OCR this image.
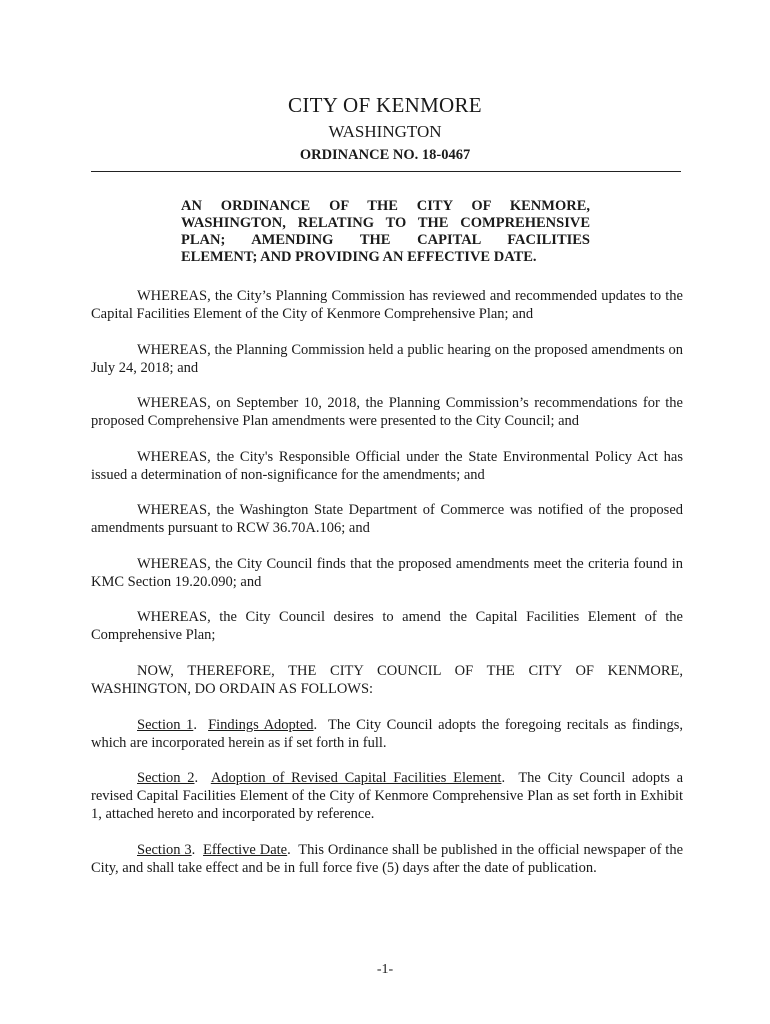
CITY OF KENMORE
WASHINGTON
ORDINANCE NO. 18-0467
AN ORDINANCE OF THE CITY OF KENMORE,
WASHINGTON, RELATING TO THE COMPREHENSIVE
PLAN; AMENDING THE CAPITAL FACILITIES
ELEMENT; AND PROVIDING AN EFFECTIVE DATE.

WHEREAS, the City’s Planning Commission has reviewed and recommended updates to the Capital Facilities Element of the City of Kenmore Comprehensive Plan; and

WHEREAS, the Planning Commission held a public hearing on the proposed amendments on July 24, 2018; and

WHEREAS, on September 10, 2018, the Planning Commission’s recommendations for the proposed Comprehensive Plan amendments were presented to the City Council; and

WHEREAS, the City's Responsible Official under the State Environmental Policy Act has issued a determination of non-significance for the amendments; and

WHEREAS, the Washington State Department of Commerce was notified of the proposed amendments pursuant to RCW 36.70A.106; and

WHEREAS, the City Council finds that the proposed amendments meet the criteria found in KMC Section 19.20.090; and

WHEREAS, the City Council desires to amend the Capital Facilities Element of the Comprehensive Plan;

NOW, THEREFORE, THE CITY COUNCIL OF THE CITY OF KENMORE, WASHINGTON, DO ORDAIN AS FOLLOWS:

Section 1.  Findings Adopted.  The City Council adopts the foregoing recitals as findings, which are incorporated herein as if set forth in full.

Section 2.  Adoption of Revised Capital Facilities Element.  The City Council adopts a revised Capital Facilities Element of the City of Kenmore Comprehensive Plan as set forth in Exhibit 1, attached hereto and incorporated by reference.

Section 3.  Effective Date.  This Ordinance shall be published in the official newspaper of the City, and shall take effect and be in full force five (5) days after the date of publication.

-1-
